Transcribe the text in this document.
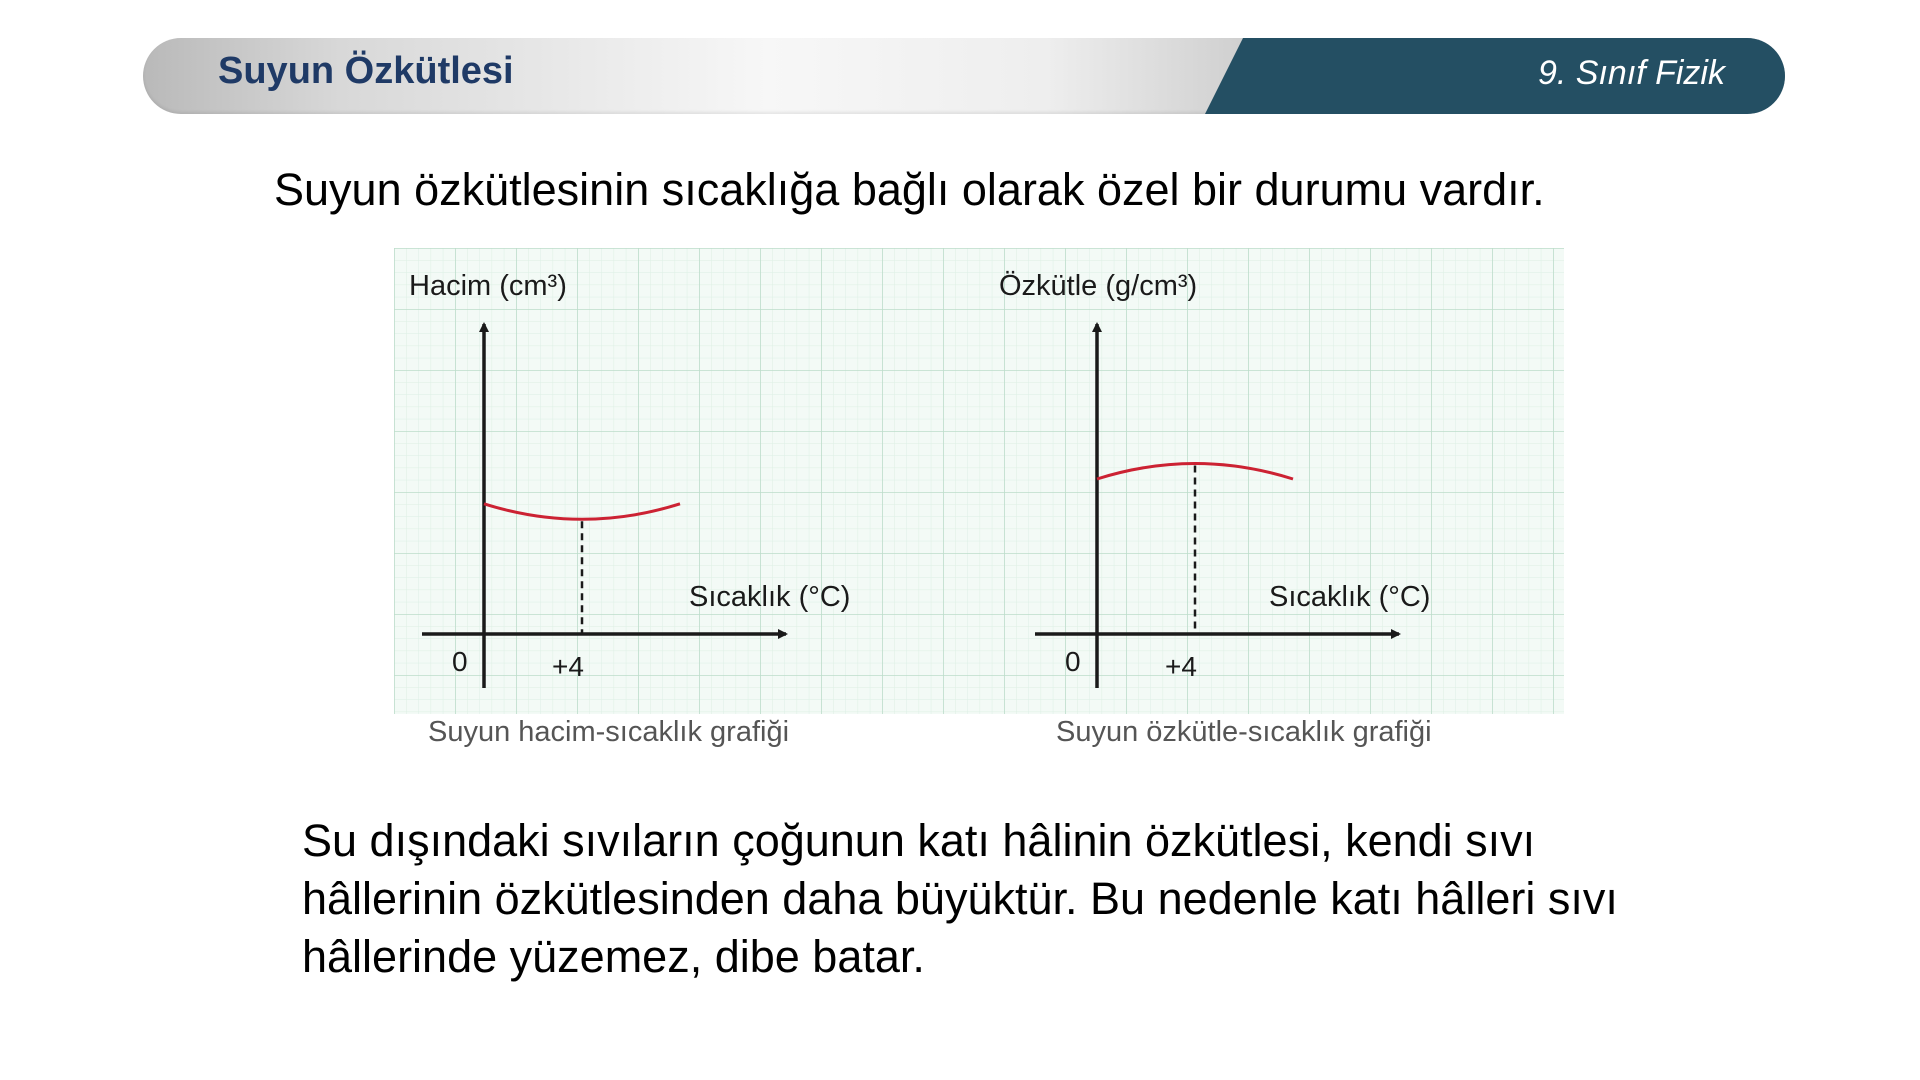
Suyun Özkütlesi	9. Sınıf Fizik
Suyun özkütlesinin sıcaklığa bağlı olarak özel bir durumu vardır.
Hacim (cm³)
Sıcaklık (°C)
0	+4
Özkütle (g/cm³)
Sıcaklık (°C)
0	+4
Suyun hacim-sıcaklık grafiği	Suyun özkütle-sıcaklık grafiği
Su dışındaki sıvıların çoğunun katı hâlinin özkütlesi, kendi sıvı
hâllerinin özkütlesinden daha büyüktür. Bu nedenle katı hâlleri sıvı
hâllerinde yüzemez, dibe batar.
